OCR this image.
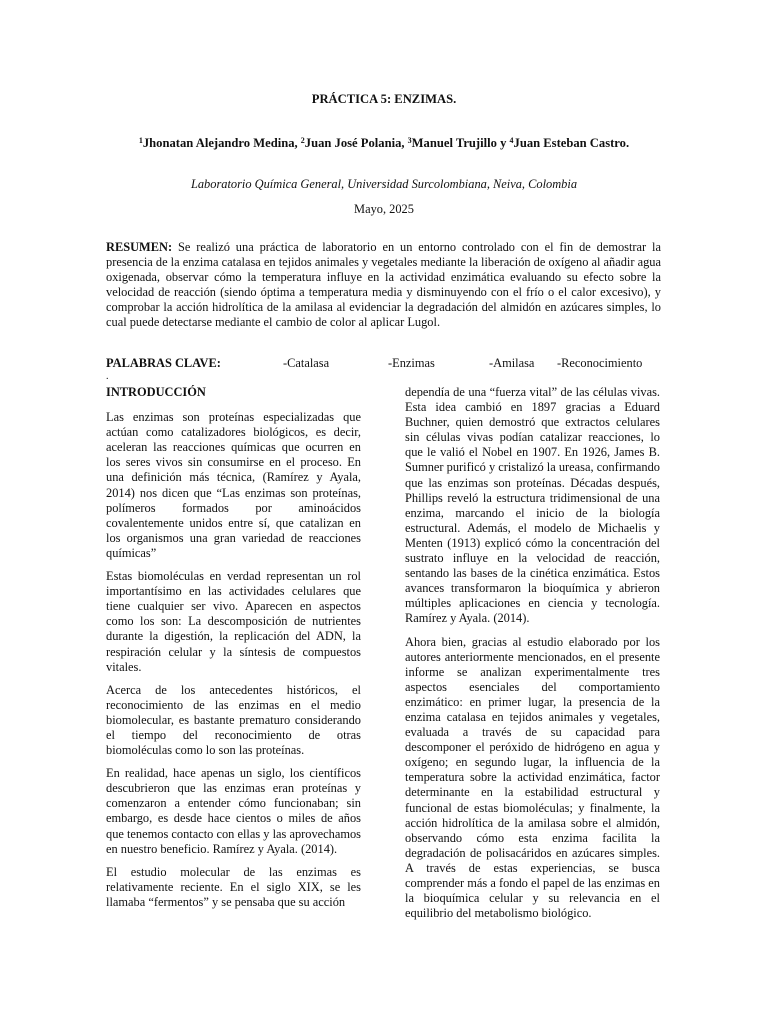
PRÁCTICA 5: ENZIMAS.
$^1$Jhonatan Alejandro Medina, $^2$Juan José Polania, $^3$Manuel Trujillo y $^4$Juan Esteban Castro.
Laboratorio Química General, Universidad Surcolombiana, Neiva, Colombia
Mayo, 2025

RESUMEN: Se realizó una práctica de laboratorio en un entorno controlado con el fin de demostrar la presencia de la enzima catalasa en tejidos animales y vegetales mediante la liberación de oxígeno al añadir agua oxigenada, observar cómo la temperatura influye en la actividad enzimática evaluando su efecto sobre la velocidad de reacción (siendo óptima a temperatura media y disminuyendo con el frío o el calor excesivo), y comprobar la acción hidrolítica de la amilasa al evidenciar la degradación del almidón en azúcares simples, lo cual puede detectarse mediante el cambio de color al aplicar Lugol.

PALABRAS CLAVE:	-Catalasa	-Enzimas	-Amilasa -Reconocimiento
.
INTRODUCCIÓN

Las enzimas son proteínas especializadas que actúan como catalizadores biológicos, es decir, aceleran las reacciones químicas que ocurren en los seres vivos sin consumirse en el proceso. En una definición más técnica, (Ramírez y Ayala, 2014) nos dicen que “Las enzimas son proteínas, polímeros formados por aminoácidos covalentemente unidos entre sí, que catalizan en los organismos una gran variedad de reacciones químicas”

Estas biomoléculas en verdad representan un rol importantísimo en las actividades celulares que tiene cualquier ser vivo. Aparecen en aspectos como los son: La descomposición de nutrientes durante la digestión, la replicación del ADN, la respiración celular y la síntesis de compuestos vitales.

Acerca de los antecedentes históricos, el reconocimiento de las enzimas en el medio biomolecular, es bastante prematuro considerando el tiempo del reconocimiento de otras biomoléculas como lo son las proteínas.

En realidad, hace apenas un siglo, los científicos descubrieron que las enzimas eran proteínas y comenzaron a entender cómo funcionaban; sin embargo, es desde hace cientos o miles de años que tenemos contacto con ellas y las aprovechamos en nuestro beneficio. Ramírez y Ayala. (2014).

El estudio molecular de las enzimas es relativamente reciente. En el siglo XIX, se les llamaba “fermentos” y se pensaba que su acción

dependía de una “fuerza vital” de las células vivas. Esta idea cambió en 1897 gracias a Eduard Buchner, quien demostró que extractos celulares sin células vivas podían catalizar reacciones, lo que le valió el Nobel en 1907. En 1926, James B. Sumner purificó y cristalizó la ureasa, confirmando que las enzimas son proteínas. Décadas después, Phillips reveló la estructura tridimensional de una enzima, marcando el inicio de la biología estructural. Además, el modelo de Michaelis y Menten (1913) explicó cómo la concentración del sustrato influye en la velocidad de reacción, sentando las bases de la cinética enzimática. Estos avances transformaron la bioquímica y abrieron múltiples aplicaciones en ciencia y tecnología. Ramírez y Ayala. (2014).

Ahora bien, gracias al estudio elaborado por los autores anteriormente mencionados, en el presente informe se analizan experimentalmente tres aspectos esenciales del comportamiento enzimático: en primer lugar, la presencia de la enzima catalasa en tejidos animales y vegetales, evaluada a través de su capacidad para descomponer el peróxido de hidrógeno en agua y oxígeno; en segundo lugar, la influencia de la temperatura sobre la actividad enzimática, factor determinante en la estabilidad estructural y funcional de estas biomoléculas; y finalmente, la acción hidrolítica de la amilasa sobre el almidón, observando cómo esta enzima facilita la degradación de polisacáridos en azúcares simples. A través de estas experiencias, se busca comprender más a fondo el papel de las enzimas en la bioquímica celular y su relevancia en el equilibrio del metabolismo biológico.
